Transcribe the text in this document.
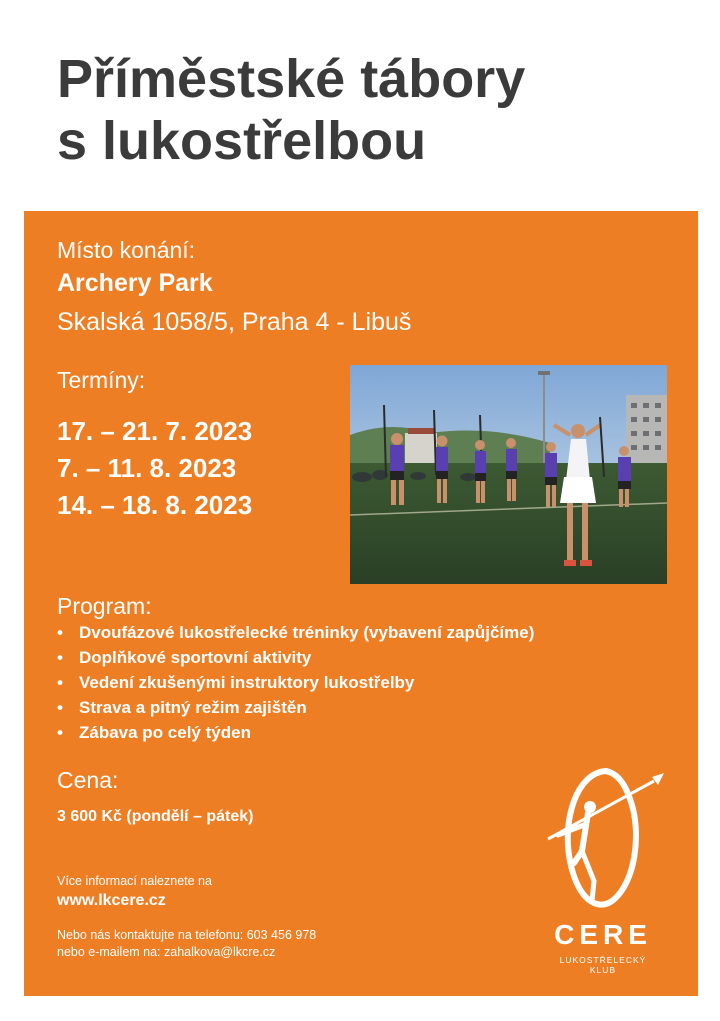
Příměstské tábory
s lukostřelbou
Místo konání:
Archery Park
Skalská 1058/5, Praha 4 - Libuš
Termíny:
17. – 21. 7. 2023
7. – 11. 8. 2023
14. – 18. 8. 2023
Program:
• Dvoufázové lukostřelecké tréninky (vybavení zapůjčíme)
• Doplňkové sportovní aktivity
• Vedení zkušenými instruktory lukostřelby
• Strava a pitný režim zajištěn
• Zábava po celý týden
Cena:
3 600 Kč (pondělí – pátek)
Více informací naleznete na
www.lkcere.cz
Nebo nás kontaktujte na telefonu: 603 456 978
nebo e-mailem na: zahalkova@lkcre.cz
CERE
LUKOSTŘELECKÝ KLUB
